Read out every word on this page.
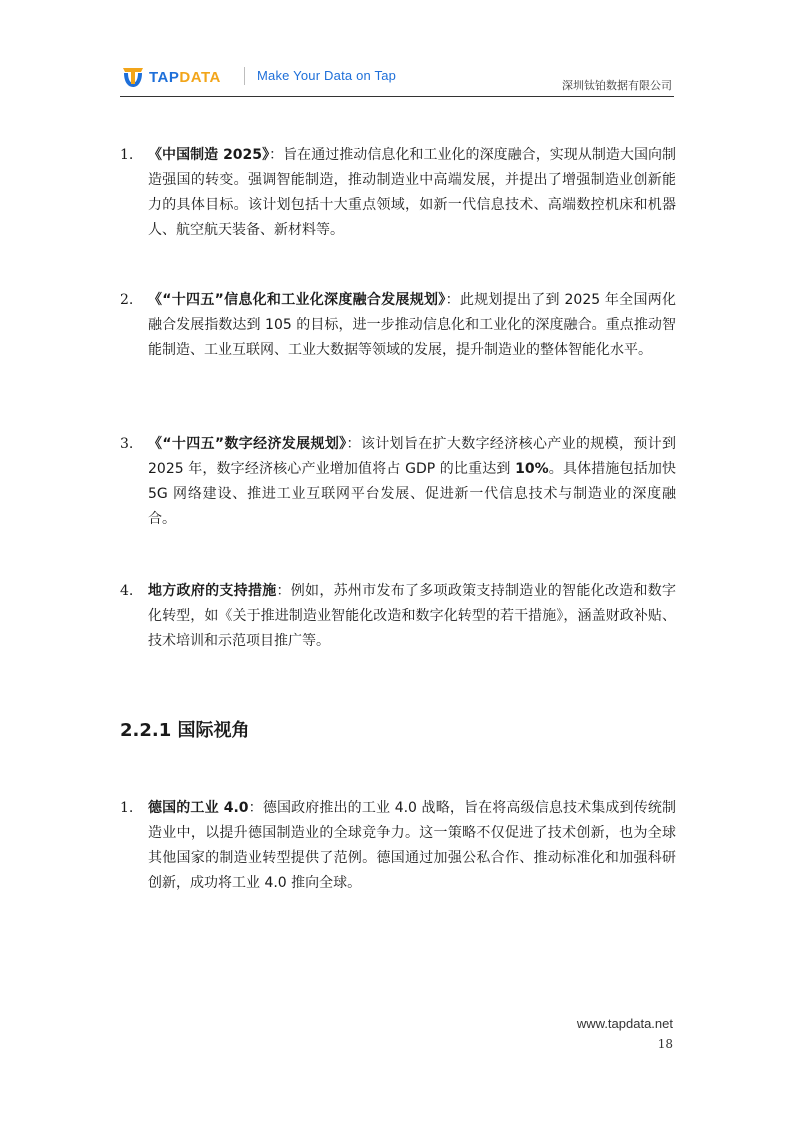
TAPDATA	Make Your Data on Tap
深圳钛铂数据有限公司
1. 《中国制造 2025》：旨在通过推动信息化和工业化的深度融合，实现从制造大国向制造强国的转变。强调智能制造，推动制造业中高端发展，并提出了增强制造业创新能力的具体目标。该计划包括十大重点领域，如新一代信息技术、高端数控机床和机器人、航空航天装备、新材料等。
2. 《“十四五”信息化和工业化深度融合发展规划》：此规划提出了到 2025 年全国两化融合发展指数达到 105 的目标，进一步推动信息化和工业化的深度融合。重点推动智能制造、工业互联网、工业大数据等领域的发展，提升制造业的整体智能化水平。
3. 《“十四五”数字经济发展规划》：该计划旨在扩大数字经济核心产业的规模，预计到 2025 年，数字经济核心产业增加值将占 GDP 的比重达到 10%。具体措施包括加快 5G 网络建设、推进工业互联网平台发展、促进新一代信息技术与制造业的深度融合。
4. 地方政府的支持措施：例如，苏州市发布了多项政策支持制造业的智能化改造和数字化转型，如《关于推进制造业智能化改造和数字化转型的若干措施》，涵盖财政补贴、技术培训和示范项目推广等。
2.2.1 国际视角
1. 德国的工业 4.0：德国政府推出的工业 4.0 战略，旨在将高级信息技术集成到传统制造业中，以提升德国制造业的全球竞争力。这一策略不仅促进了技术创新，也为全球其他国家的制造业转型提供了范例。德国通过加强公私合作、推动标准化和加强科研创新，成功将工业 4.0 推向全球。
www.tapdata.net
18
